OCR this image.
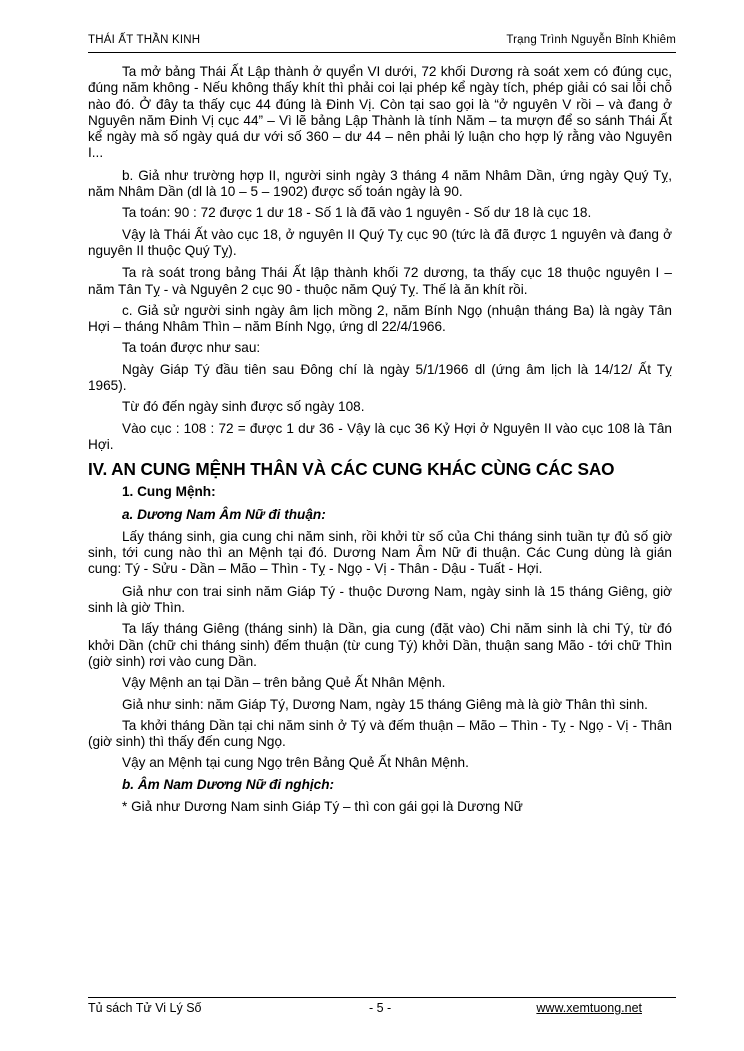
THÁI ẤT THẦN KINH	Trạng Trình Nguyễn Bỉnh Khiêm

Ta mở bảng Thái Ất Lập thành ở quyển VI dưới, 72 khối Dương rà soát xem có đúng cục, đúng năm không - Nếu không thấy khít thì phải coi lại phép kể ngày tích, phép giải có sai lỗi chỗ nào đó. Ở đây ta thấy cục 44 đúng là Đinh Vị. Còn tại sao gọi là “ở nguyên V rồi – và đang ở Nguyên năm Đinh Vị cục 44” – Vì lẽ bảng Lập Thành là tính Năm – ta mượn để so sánh Thái Ất kể ngày mà số ngày quá dư với số 360 – dư 44 – nên phải lý luận cho hợp lý rằng vào Nguyên I...

b. Giả như trường hợp II, người sinh ngày 3 tháng 4 năm Nhâm Dần, ứng ngày Quý Tỵ, năm Nhâm Dần (dl là 10 – 5 – 1902) được số toán ngày là 90.

Ta toán: 90 : 72 được 1 dư 18 - Số 1 là đã vào 1 nguyên - Số dư 18 là cục 18.

Vậy là Thái Ất vào cục 18, ở nguyên II Quý Tỵ cục 90 (tức là đã được 1 nguyên và đang ở nguyên II thuộc Quý Tỵ).

Ta rà soát trong bảng Thái Ất lập thành khối 72 dương, ta thấy cục 18 thuộc nguyên I – năm Tân Tỵ - và Nguyên 2 cục 90 - thuộc năm Quý Tỵ. Thế là ăn khít rồi.

c. Giả sử người sinh ngày âm lịch mồng 2, năm Bính Ngọ (nhuận tháng Ba) là ngày Tân Hợi – tháng Nhâm Thìn – năm Bính Ngọ, ứng dl 22/4/1966.

Ta toán được như sau:

Ngày Giáp Tý đầu tiên sau Đông chí là ngày 5/1/1966 dl (ứng âm lịch là 14/12/ Ất Tỵ 1965).

Từ đó đến ngày sinh được số ngày 108.

Vào cục : 108 : 72 = được 1 dư 36 - Vậy là cục 36 Kỷ Hợi ở Nguyên II vào cục 108 là Tân Hợi.

IV. AN CUNG MỆNH THÂN VÀ CÁC CUNG KHÁC CÙNG CÁC SAO
1. Cung Mệnh:
a. Dương Nam Âm Nữ đi thuận:

Lấy tháng sinh, gia cung chi năm sinh, rồi khởi từ số của Chi tháng sinh tuần tự đủ số giờ sinh, tới cung nào thì an Mệnh tại đó. Dương Nam Âm Nữ đi thuận. Các Cung dùng là gián cung: Tý - Sửu - Dần – Mão – Thìn - Tỵ - Ngọ - Vị - Thân - Dậu - Tuất - Hợi.

Giả như con trai sinh năm Giáp Tý - thuộc Dương Nam, ngày sinh là 15 tháng Giêng, giờ sinh là giờ Thìn.

Ta lấy tháng Giêng (tháng sinh) là Dần, gia cung (đặt vào) Chi năm sinh là chi Tý, từ đó khởi Dần (chữ chi tháng sinh) đếm thuận (từ cung Tý) khởi Dần, thuận sang Mão - tới chữ Thìn (giờ sinh) rơi vào cung Dần.

Vậy Mệnh an tại Dần – trên bảng Quẻ Ất Nhân Mệnh.

Giả như sinh: năm Giáp Tý, Dương Nam, ngày 15 tháng Giêng mà là giờ Thân thì sinh.

Ta khởi tháng Dần tại chi năm sinh ở Tý và đếm thuận – Mão – Thìn - Tỵ - Ngọ - Vị - Thân (giờ sinh) thì thấy đến cung Ngọ.

Vậy an Mệnh tại cung Ngọ trên Bảng Quẻ Ất Nhân Mệnh.

b. Âm Nam Dương Nữ đi nghịch:

* Giả như Dương Nam sinh Giáp Tý – thì con gái gọi là Dương Nữ

Tủ sách Tử Vi Lý Số	- 5 -	www.xemtuong.net
